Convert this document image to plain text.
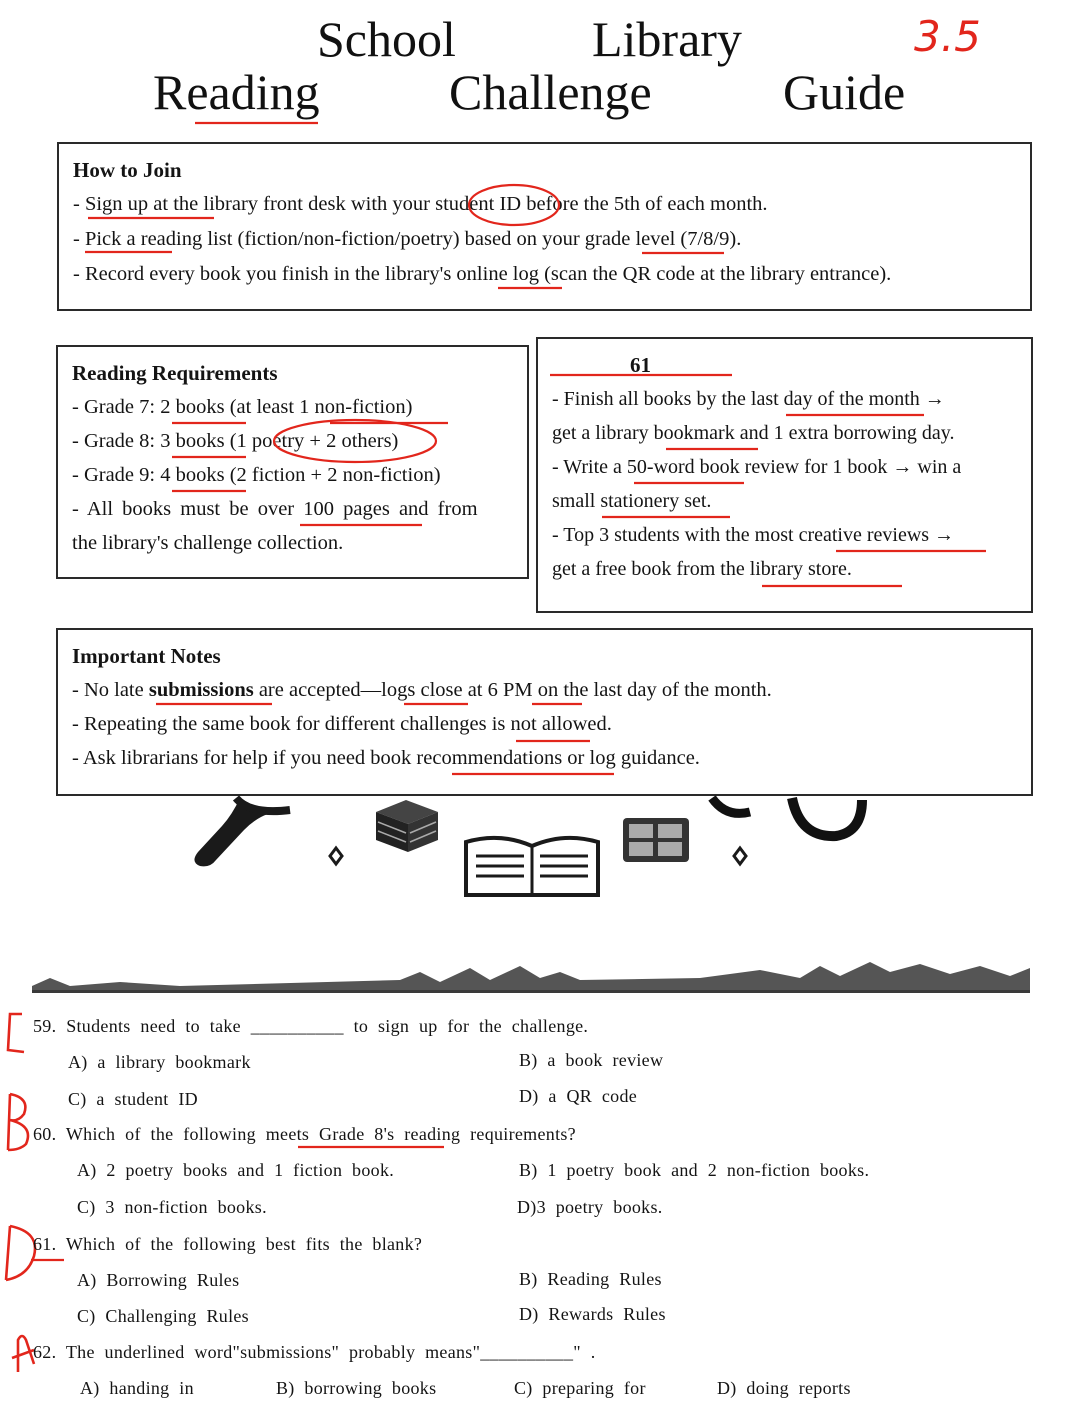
School	Library
Reading	Challenge	Guide
3.5
How to Join
- Sign up at the library front desk with your student ID before the 5th of each month.
- Pick a reading list (fiction/non-fiction/poetry) based on your grade level (7/8/9).
- Record every book you finish in the library's online log (scan the QR code at the library entrance).
Reading Requirements
- Grade 7: 2 books (at least 1 non-fiction)
- Grade 8: 3 books (1 poetry + 2 others)
- Grade 9: 4 books (2 fiction + 2 non-fiction)
- All books must be over 100 pages and from
the library's challenge collection.
61
- Finish all books by the last day of the month →
get a library bookmark and 1 extra borrowing day.
- Write a 50-word book review for 1 book → win a
small stationery set.
- Top 3 students with the most creative reviews →
get a free book from the library store.
Important Notes
- No late submissions are accepted—logs close at 6 PM on the last day of the month.
- Repeating the same book for different challenges is not allowed.
- Ask librarians for help if you need book recommendations or log guidance.
59. Students need to take __________ to sign up for the challenge.
A) a library bookmark	B) a book review
C) a student ID	D) a QR code
60. Which of the following meets Grade 8's reading requirements?
A) 2 poetry books and 1 fiction book.	B) 1 poetry book and 2 non-fiction books.
C) 3 non-fiction books.	D)3 poetry books.
61. Which of the following best fits the blank?
A) Borrowing Rules	B) Reading Rules
C) Challenging Rules	D) Rewards Rules
62. The underlined word"submissions" probably means"__________" .
A) handing in	B) borrowing books	C) preparing for	D) doing reports
